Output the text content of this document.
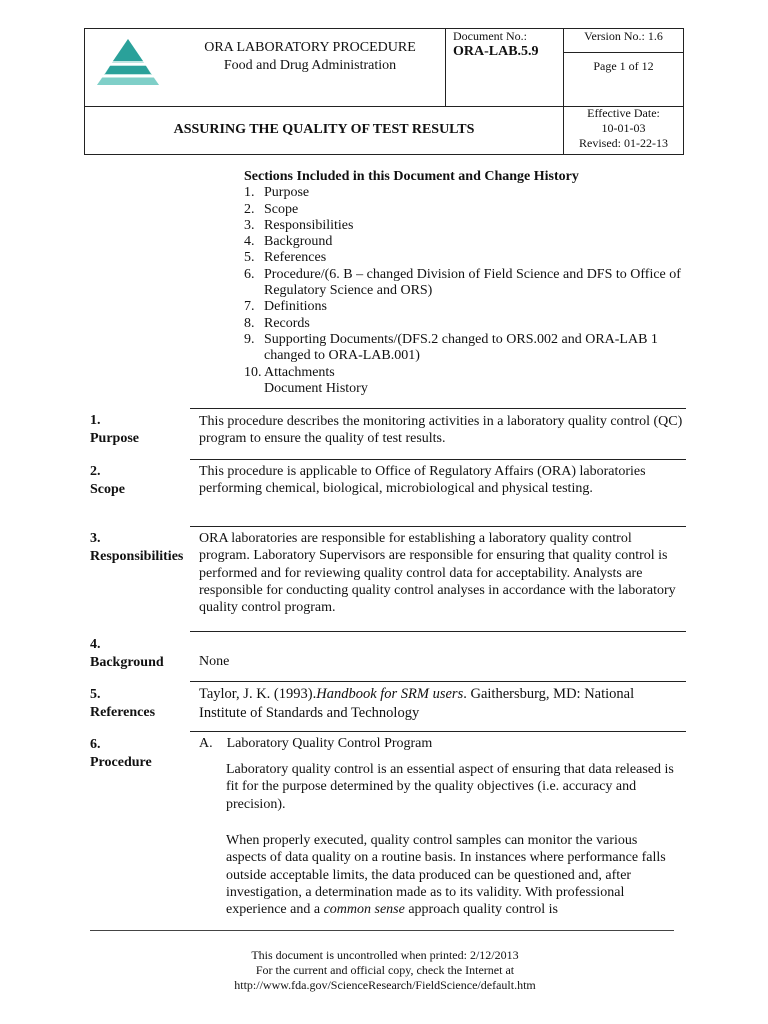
ORA LABORATORY PROCEDURE
Food and Drug Administration
Document No.:
ORA-LAB.5.9
Version No.: 1.6
Page 1 of 12
ASSURING THE QUALITY OF TEST RESULTS
Effective Date:
10-01-03
Revised: 01-22-13
Sections Included in this Document and Change History
1. Purpose
2. Scope
3. Responsibilities
4. Background
5. References
6. Procedure/(6. B – changed Division of Field Science and DFS to Office of Regulatory Science and ORS)
7. Definitions
8. Records
9. Supporting Documents/(DFS.2 changed to ORS.002 and ORA-LAB 1 changed to ORA-LAB.001)
10. Attachments
Document History
1.
Purpose
This procedure describes the monitoring activities in a laboratory quality control (QC) program to ensure the quality of test results.
2.
Scope
This procedure is applicable to Office of Regulatory Affairs (ORA) laboratories performing chemical, biological, microbiological and physical testing.
3.
Responsibilities
ORA laboratories are responsible for establishing a laboratory quality control program. Laboratory Supervisors are responsible for ensuring that quality control is performed and for reviewing quality control data for acceptability. Analysts are responsible for conducting quality control analyses in accordance with the laboratory quality control program.
4.
Background	None
5.
References
Taylor, J. K. (1993).Handbook for SRM users. Gaithersburg, MD: National Institute of Standards and Technology
6.
Procedure
A. Laboratory Quality Control Program
Laboratory quality control is an essential aspect of ensuring that data released is fit for the purpose determined by the quality objectives (i.e. accuracy and precision).
When properly executed, quality control samples can monitor the various aspects of data quality on a routine basis. In instances where performance falls outside acceptable limits, the data produced can be questioned and, after investigation, a determination made as to its validity. With professional experience and a common sense approach quality control is
This document is uncontrolled when printed: 2/12/2013
For the current and official copy, check the Internet at
http://www.fda.gov/ScienceResearch/FieldScience/default.htm
